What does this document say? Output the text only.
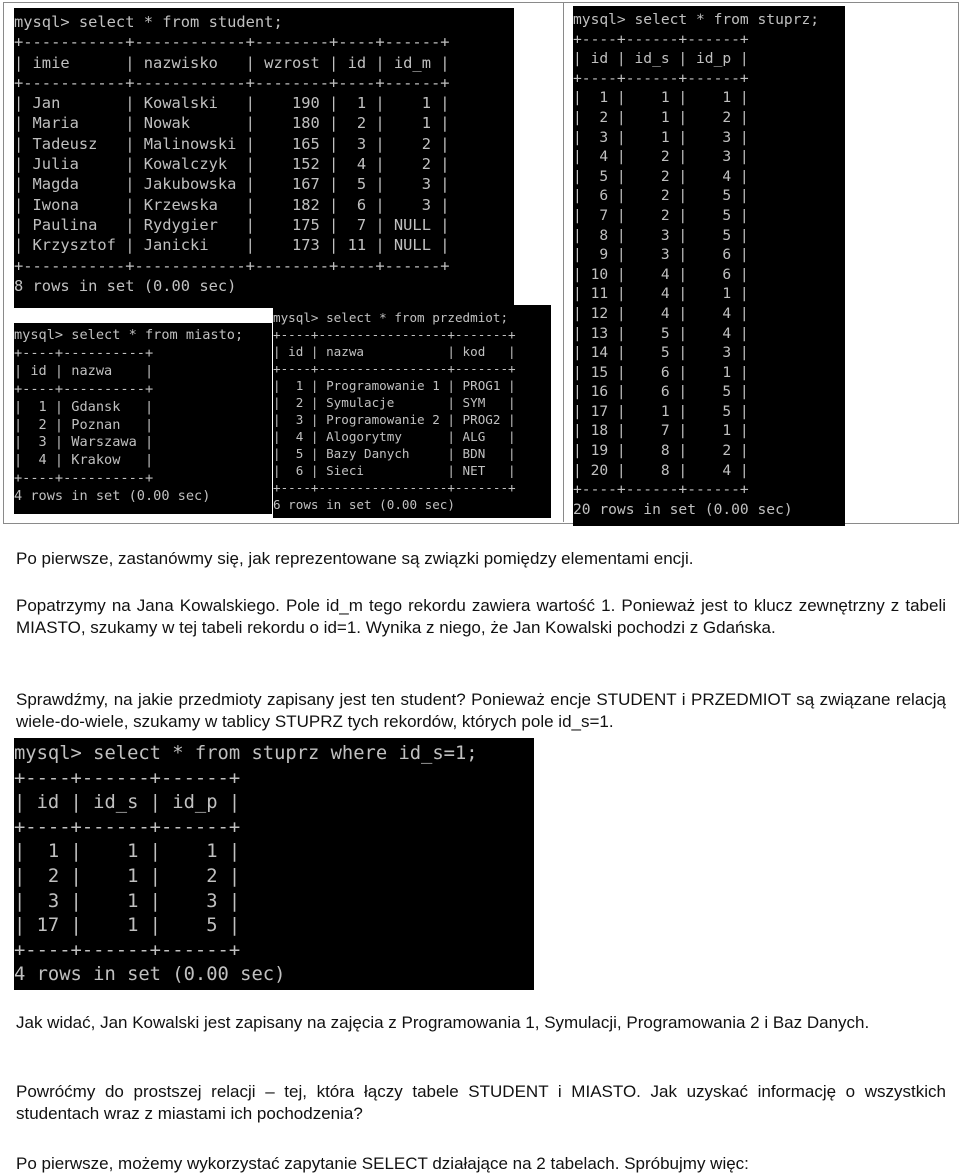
mysql> select * from student;
+-----------+------------+--------+----+------+
| imie      | nazwisko   | wzrost | id | id_m |
+-----------+------------+--------+----+------+
| Jan       | Kowalski   |    190 |  1 |    1 |
| Maria     | Nowak      |    180 |  2 |    1 |
| Tadeusz   | Malinowski |    165 |  3 |    2 |
| Julia     | Kowalczyk  |    152 |  4 |    2 |
| Magda     | Jakubowska |    167 |  5 |    3 |
| Iwona     | Krzewska   |    182 |  6 |    3 |
| Paulina   | Rydygier   |    175 |  7 | NULL |
| Krzysztof | Janicki    |    173 | 11 | NULL |
+-----------+------------+--------+----+------+
8 rows in set (0.00 sec)
mysql> select * from miasto;
+----+----------+
| id | nazwa    |
+----+----------+
|  1 | Gdansk   |
|  2 | Poznan   |
|  3 | Warszawa |
|  4 | Krakow   |
+----+----------+
4 rows in set (0.00 sec)
mysql> select * from przedmiot;
+----+-----------------+-------+
| id | nazwa           | kod   |
+----+-----------------+-------+
|  1 | Programowanie 1 | PROG1 |
|  2 | Symulacje       | SYM   |
|  3 | Programowanie 2 | PROG2 |
|  4 | Alogorytmy      | ALG   |
|  5 | Bazy Danych     | BDN   |
|  6 | Sieci           | NET   |
+----+-----------------+-------+
6 rows in set (0.00 sec)
mysql> select * from stuprz;
+----+------+------+
| id | id_s | id_p |
+----+------+------+
|  1 |    1 |    1 |
|  2 |    1 |    2 |
|  3 |    1 |    3 |
|  4 |    2 |    3 |
|  5 |    2 |    4 |
|  6 |    2 |    5 |
|  7 |    2 |    5 |
|  8 |    3 |    5 |
|  9 |    3 |    6 |
| 10 |    4 |    6 |
| 11 |    4 |    1 |
| 12 |    4 |    4 |
| 13 |    5 |    4 |
| 14 |    5 |    3 |
| 15 |    6 |    1 |
| 16 |    6 |    5 |
| 17 |    1 |    5 |
| 18 |    7 |    1 |
| 19 |    8 |    2 |
| 20 |    8 |    4 |
+----+------+------+
20 rows in set (0.00 sec)

Po pierwsze, zastanówmy się, jak reprezentowane są związki pomiędzy elementami encji.

Popatrzymy na Jana Kowalskiego. Pole id_m tego rekordu zawiera wartość 1. Ponieważ jest to klucz zewnętrzny z tabeli MIASTO, szukamy w tej tabeli rekordu o id=1. Wynika z niego, że Jan Kowalski pochodzi z Gdańska.

Sprawdźmy, na jakie przedmioty zapisany jest ten student? Ponieważ encje STUDENT i PRZEDMIOT są związane relacją wiele-do-wiele, szukamy w tablicy STUPRZ tych rekordów, których pole id_s=1.

mysql> select * from stuprz where id_s=1;
+----+------+------+
| id | id_s | id_p |
+----+------+------+
|  1 |    1 |    1 |
|  2 |    1 |    2 |
|  3 |    1 |    3 |
| 17 |    1 |    5 |
+----+------+------+
4 rows in set (0.00 sec)

Jak widać, Jan Kowalski jest zapisany na zajęcia z Programowania 1, Symulacji, Programowania 2 i Baz Danych.

Powróćmy do prostszej relacji – tej, która łączy tabele STUDENT i MIASTO. Jak uzyskać informację o wszystkich studentach wraz z miastami ich pochodzenia?

Po pierwsze, możemy wykorzystać zapytanie SELECT działające na 2 tabelach. Spróbujmy więc:
